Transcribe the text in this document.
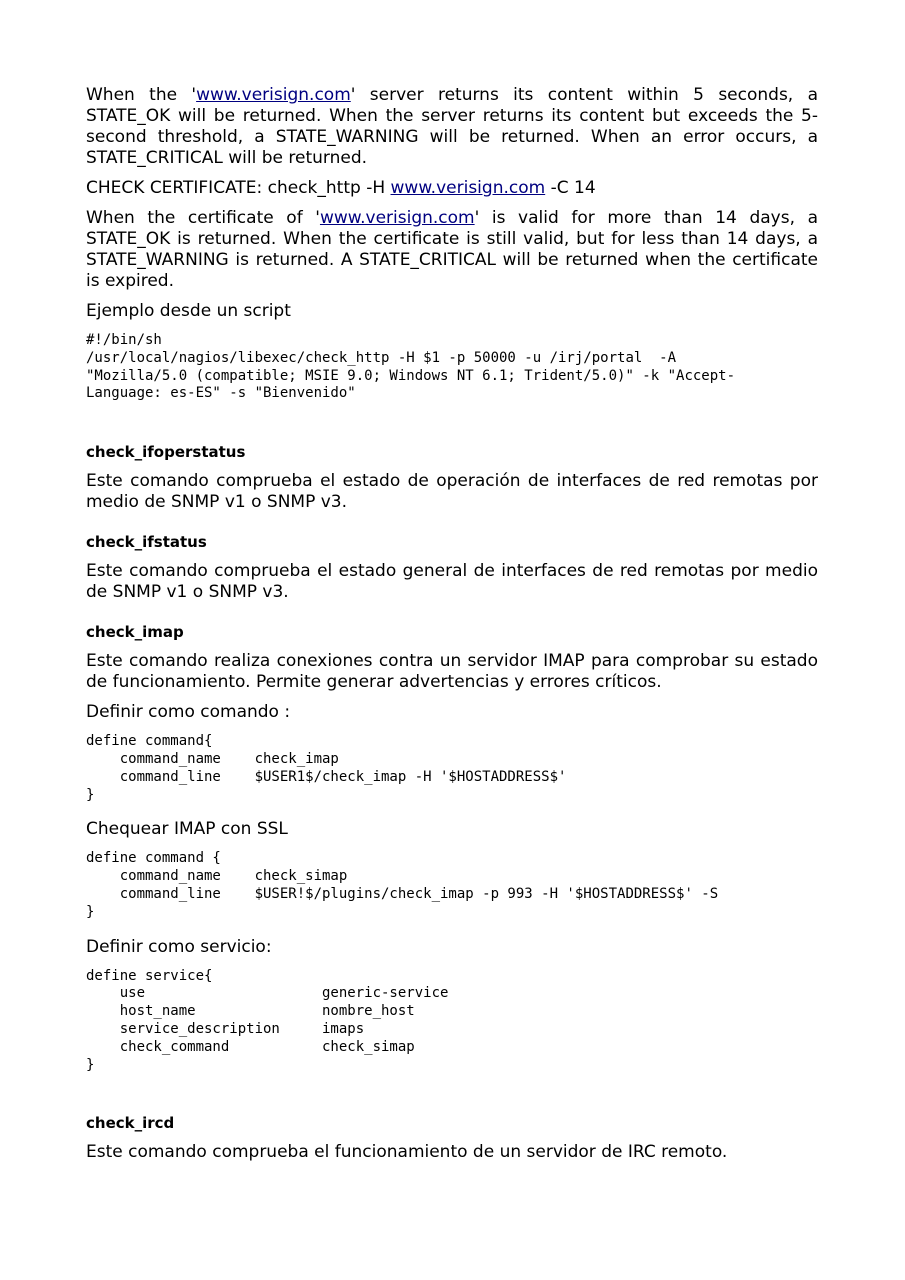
When the 'www.verisign.com' server returns its content within 5 seconds, a STATE_OK will be returned. When the server returns its content but exceeds the 5-second threshold, a STATE_WARNING will be returned. When an error occurs, a STATE_CRITICAL will be returned.

CHECK CERTIFICATE: check_http -H www.verisign.com -C 14

When the certificate of 'www.verisign.com' is valid for more than 14 days, a STATE_OK is returned. When the certificate is still valid, but for less than 14 days, a STATE_WARNING is returned. A STATE_CRITICAL will be returned when the certificate is expired.

Ejemplo desde un script

#!/bin/sh
/usr/local/nagios/libexec/check_http -H $1 -p 50000 -u /irj/portal  -A
"Mozilla/5.0 (compatible; MSIE 9.0; Windows NT 6.1; Trident/5.0)" -k "Accept-
Language: es-ES" -s "Bienvenido"
check_ifoperstatus

Este comando comprueba el estado de operación de interfaces de red remotas por medio de SNMP v1 o SNMP v3.

check_ifstatus

Este comando comprueba el estado general de interfaces de red remotas por medio de SNMP v1 o SNMP v3.

check_imap

Este comando realiza conexiones contra un servidor IMAP para comprobar su estado de funcionamiento. Permite generar advertencias y errores críticos.

Definir como comando :

define command{
command_name    check_imap
command_line    $USER1$/check_imap -H '$HOSTADDRESS$'
}

Chequear IMAP con SSL

define command {
command_name    check_simap
command_line    $USER!$/plugins/check_imap -p 993 -H '$HOSTADDRESS$' -S
}

Definir como servicio:

define service{
use                     generic-service
host_name               nombre_host
service_description     imaps
check_command           check_simap
}
check_ircd

Este comando comprueba el funcionamiento de un servidor de IRC remoto.
